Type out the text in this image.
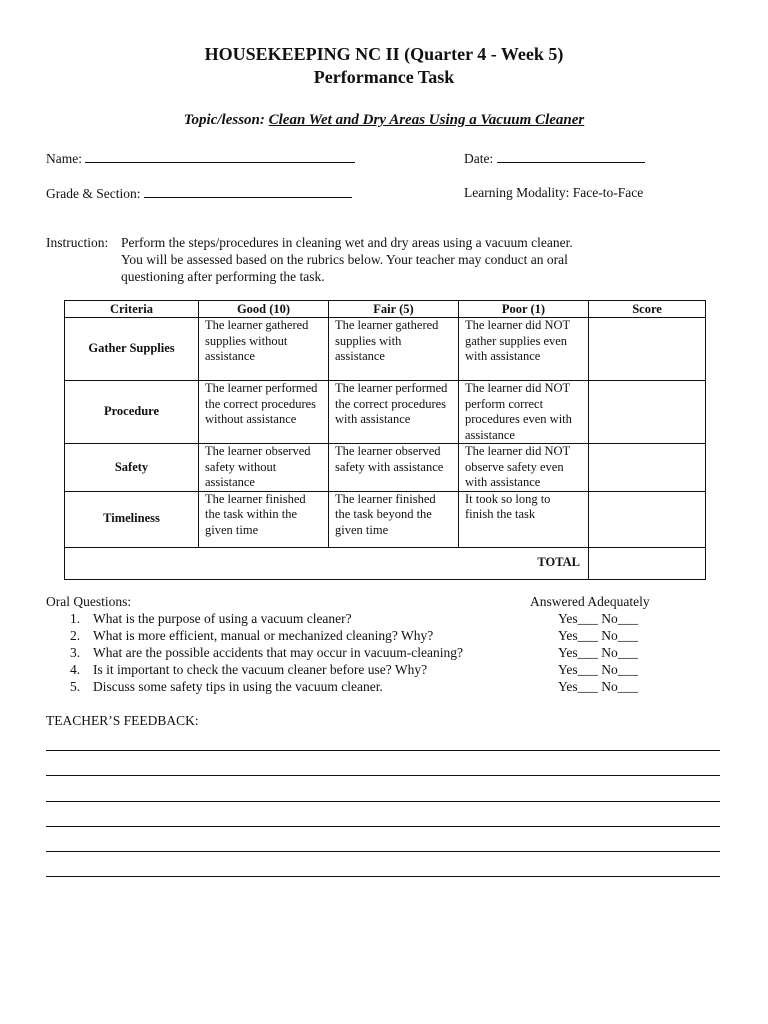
HOUSEKEEPING NC II (Quarter 4 - Week 5)
Performance Task
Topic/lesson: Clean Wet and Dry Areas Using a Vacuum Cleaner
Name:	Date:
Grade & Section:	Learning Modality: Face-to-Face
Instruction: Perform the steps/procedures in cleaning wet and dry areas using a vacuum cleaner.
You will be assessed based on the rubrics below. Your teacher may conduct an oral
questioning after performing the task.
Criteria	Good (10)	Fair (5)	Poor (1)	Score
Gather Supplies	The learner gathered supplies without assistance	The learner gathered supplies with assistance	The learner did NOT gather supplies even with assistance	
Procedure	The learner performed the correct procedures without assistance	The learner performed the correct procedures with assistance	The learner did NOT perform correct procedures even with assistance	
Safety	The learner observed safety without assistance	The learner observed safety with assistance	The learner did NOT observe safety even with assistance	
Timeliness	The learner finished the task within the given time	The learner finished the task beyond the given time	It took so long to finish the task	
TOTAL				
Oral Questions:	Answered Adequately
1. What is the purpose of using a vacuum cleaner?	Yes___ No___
2. What is more efficient, manual or mechanized cleaning? Why?	Yes___ No___
3. What are the possible accidents that may occur in vacuum-cleaning?	Yes___ No___
4. Is it important to check the vacuum cleaner before use? Why?	Yes___ No___
5. Discuss some safety tips in using the vacuum cleaner.	Yes___ No___
TEACHER’S FEEDBACK:
